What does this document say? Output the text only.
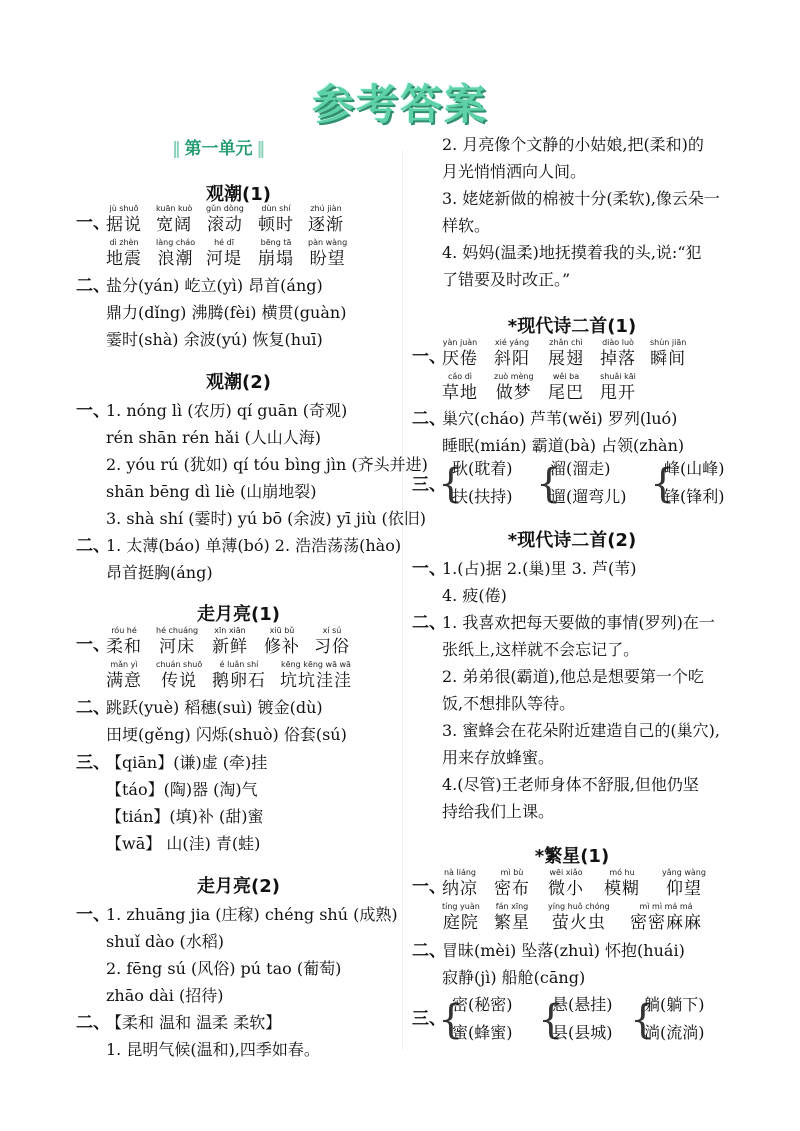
参考答案
‖ 第一单元 ‖
观潮(1)
一、
jù shuō
据说
kuān kuò
宽阔
gǔn dòng
滚动
dùn shí
顿时
zhú jiàn
逐渐
dì zhèn
地震
làng cháo
浪潮
hé dī
河堤
bēng tā
崩塌
pàn wàng
盼望
二、
盐分(yán) 屹立(yì) 昂首(áng)
鼎力(dǐng) 沸腾(fèi) 横贯(guàn)
霎时(shà) 余波(yú) 恢复(huī)
观潮(2)
一、
1. nóng lì (农历) qí guān (奇观)
rén shān rén hǎi (人山人海)
2. yóu rú (犹如) qí tóu bìng jìn (齐头并进)
shān bēng dì liè (山崩地裂)
3. shà shí (霎时) yú bō (余波) yī jiù (依旧)
二、
1. 太薄(báo) 单薄(bó) 2. 浩浩荡荡(hào)
昂首挺胸(áng)
走月亮(1)
一、
róu hé
柔和
hé chuáng
河床
xīn xiān
新鲜
xiū bǔ
修补
xí sú
习俗
mǎn yì
满意
chuán shuō
传说
é luǎn shí
鹅卵石
kēng kēng wā wā
坑坑洼洼
二、
跳跃(yuè) 稻穗(suì) 镀金(dù)
田埂(gěng) 闪烁(shuò) 俗套(sú)
三、
【qiān】(谦)虚 (牵)挂
【táo】(陶)器 (淘)气
【tián】(填)补 (甜)蜜
【wā】 山(洼) 青(蛙)
走月亮(2)
一、
1. zhuāng jia (庄稼) chéng shú (成熟)
shuǐ dào (水稻)
2. fēng sú (风俗) pú tao (葡萄)
zhāo dài (招待)
二、
【柔和 温和 温柔 柔软】
1. 昆明气候(温和),四季如春。
2. 月亮像个文静的小姑娘,把(柔和)的
月光悄悄洒向人间。
3. 姥姥新做的棉被十分(柔软),像云朵一
样软。
4. 妈妈(温柔)地抚摸着我的头,说:“犯
了错要及时改正。”
*现代诗二首(1)
一、
yàn juàn
厌倦
xié yáng
斜阳
zhǎn chì
展翅
diào luò
掉落
shùn jiān
瞬间
cǎo dì
草地
zuò mèng
做梦
wěi ba
尾巴
shuǎi kāi
甩开
二、
巢穴(cháo) 芦苇(wěi) 罗列(luó)
睡眠(mián) 霸道(bà) 占领(zhàn)
三、
{
耿(耽着)
扶(扶持) {
溜(溜走)
遛(遛弯儿) {
峰(山峰)
锋(锋利)
*现代诗二首(2)
一、
1.(占)据 2.(巢)里 3. 芦(苇)
4. 疲(倦)
二、
1. 我喜欢把每天要做的事情(罗列)在一
张纸上,这样就不会忘记了。
2. 弟弟很(霸道),他总是想要第一个吃
饭,不想排队等待。
3. 蜜蜂会在花朵附近建造自己的(巢穴),
用来存放蜂蜜。
4.(尽管)王老师身体不舒服,但他仍坚
持给我们上课。
*繁星(1)
一、
nà liáng
纳凉
mì bù
密布
wēi xiǎo
微小
mó hu
模糊
yǎng wàng
仰望
tíng yuàn
庭院
fán xīng
繁星
yíng huǒ chóng
萤火虫
mì mì má má
密密麻麻
二、
冒昧(mèi) 坠落(zhuì) 怀抱(huái)
寂静(jì) 船舱(cāng)
三、
{
密(秘密)
蜜(蜂蜜) {
悬(悬挂)
县(县城) {
躺(躺下)
淌(流淌)
